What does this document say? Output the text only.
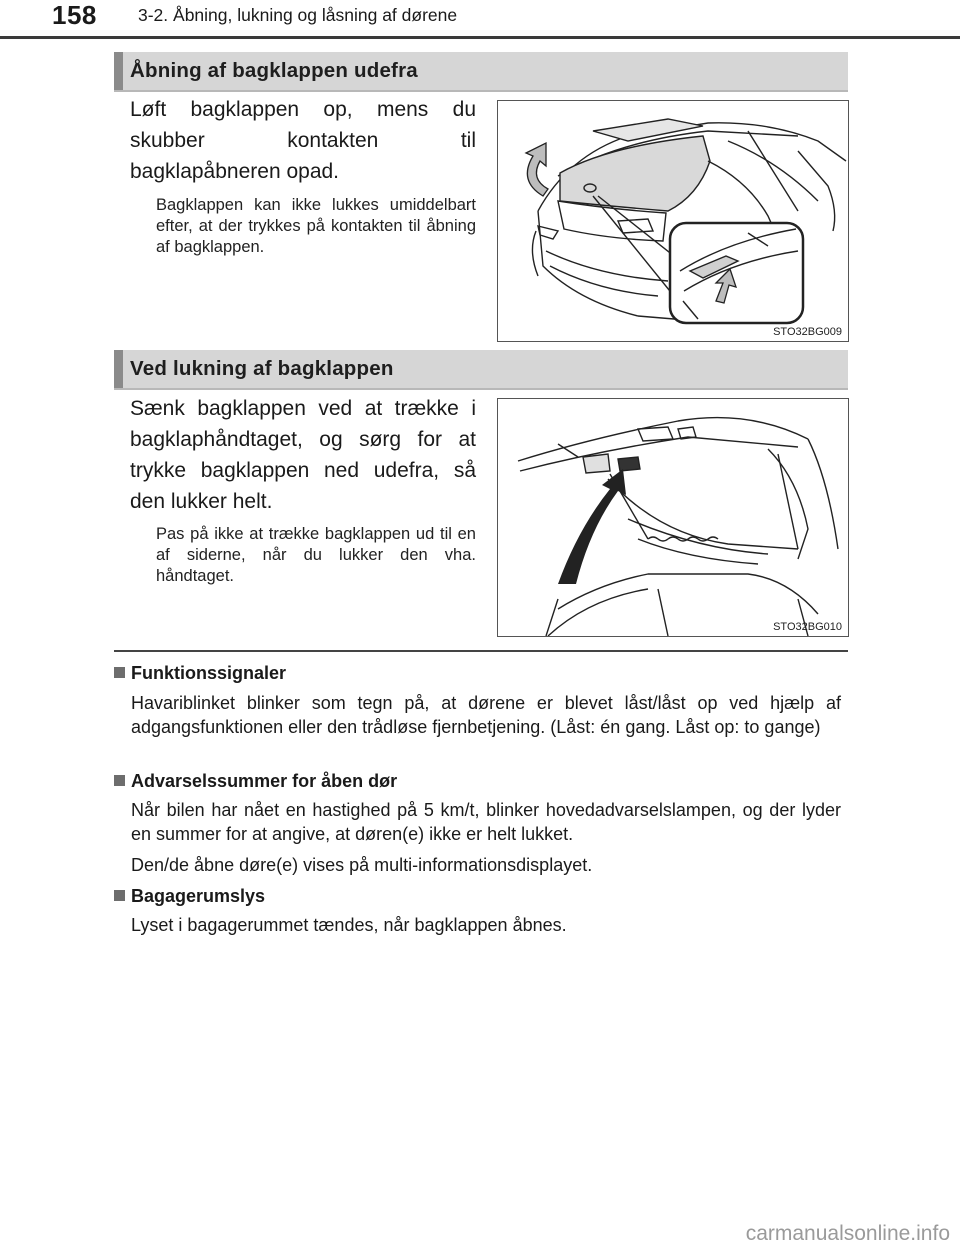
158 3-2. Åbning, lukning og låsning af dørene
Åbning af bagklappen udefra
Løft bagklappen op, mens du skubber kontakten til bagklapåbneren opad.
Bagklappen kan ikke lukkes umiddelbart efter, at der trykkes på kontakten til åbning af bagklappen.
STO32BG009
Ved lukning af bagklappen
Sænk bagklappen ved at trække i bagklaphåndtaget, og sørg for at trykke bagklappen ned udefra, så den lukker helt.
Pas på ikke at trække bagklappen ud til en af siderne, når du lukker den vha. håndtaget.
STO32BG010
Funktionssignaler
Havariblinket blinker som tegn på, at dørene er blevet låst/låst op ved hjælp af adgangsfunktionen eller den trådløse fjernbetjening. (Låst: én gang. Låst op: to gange)
Advarselssummer for åben dør
Når bilen har nået en hastighed på 5 km/t, blinker hovedadvarselslampen, og der lyder en summer for at angive, at døren(e) ikke er helt lukket.
Den/de åbne døre(e) vises på multi-informationsdisplayet.
Bagagerumslys
Lyset i bagagerummet tændes, når bagklappen åbnes.
carmanualsonline.info
